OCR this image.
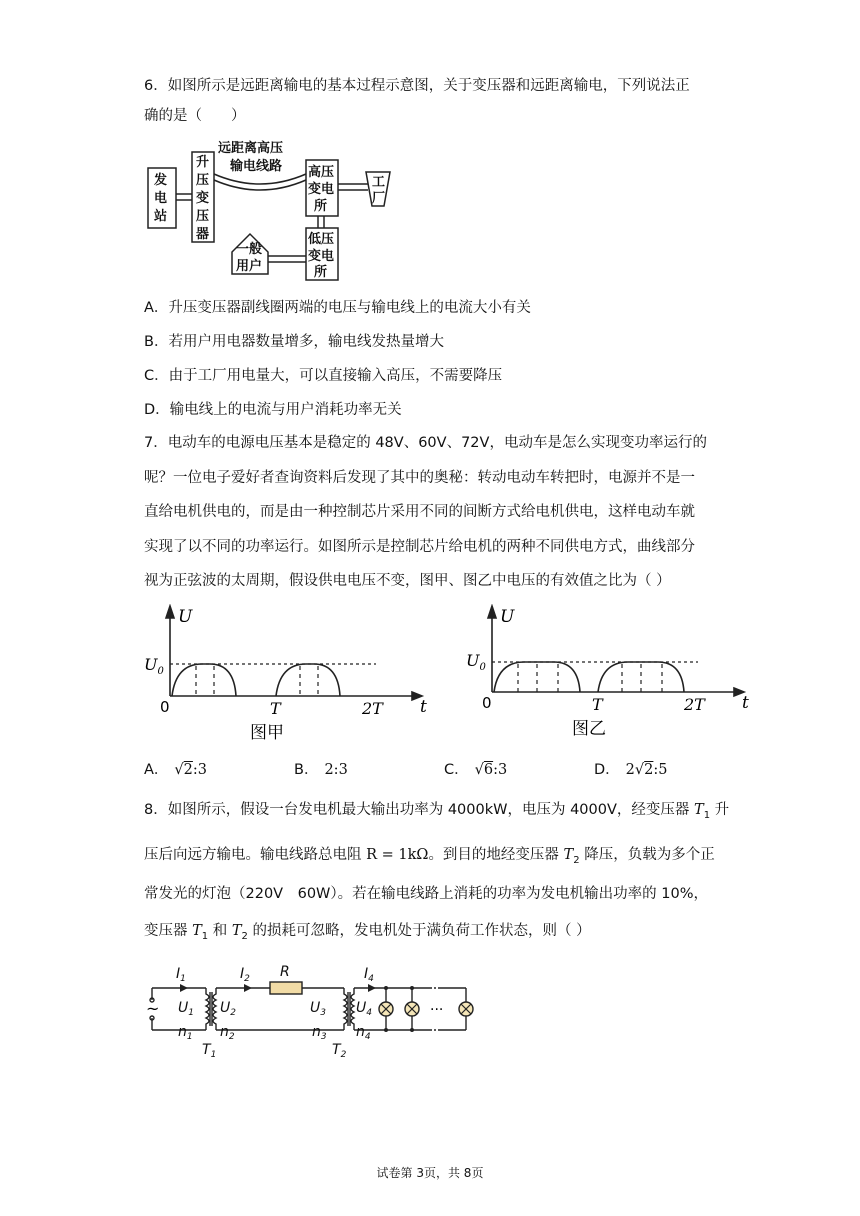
6．如图所示是远距离输电的基本过程示意图，关于变压器和远距离输电，下列说法正
确的是（　　）
发
电
站
升
压
变
压
器
远距离高压
输电线路 高压
变电
所
工
厂
低压
变电
所
一般
用户
A．升压变压器副线圈两端的电压与输电线上的电流大小有关
B．若用户用电器数量增多，输电线发热量增大
C．由于工厂用电量大，可以直接输入高压，不需要降压
D．输电线上的电流与用户消耗功率无关
7．电动车的电源电压基本是稳定的 48V、60V、72V，电动车是怎么实现变功率运行的
呢？一位电子爱好者查询资料后发现了其中的奥秘：转动电动车转把时，电源并不是一
直给电机供电的，而是由一种控制芯片采用不同的间断方式给电机供电，这样电动车就
实现了以不同的功率运行。如图所示是控制芯片给电机的两种不同供电方式，曲线部分
视为正弦波的太周期，假设供电电压不变，图甲、图乙中电压的有效值之比为（ ）
U
t
$U_0$
0	T	2T
图甲
U
t
$U_0$
0	T	2T
图乙
A． √2:3	B． 2:3	C． √6:3	D． 2√2:5
8．如图所示，假设一台发电机最大输出功率为 4000kW，电压为 4000V，经变压器 $T_1$ 升
压后向远方输电。输电线路总电阻 R = 1kΩ。到目的地经变压器 $T_2$ 降压，负载为多个正
常发光的灯泡（220V　60W）。若在输电线路上消耗的功率为发电机输出功率的 10%，
变压器 $T_1$ 和 $T_2$ 的损耗可忽略，发电机处于满负荷工作状态，则（ ）
$I_1$	$I_2$ R	$I_4$
$U_1$ $U_2$	$U_3$ $U_4$
$n_1$ $n_2$	$n_3$ $n_4$
$T_1$	$T_2$
~	···
试卷第 3页，共 8页
